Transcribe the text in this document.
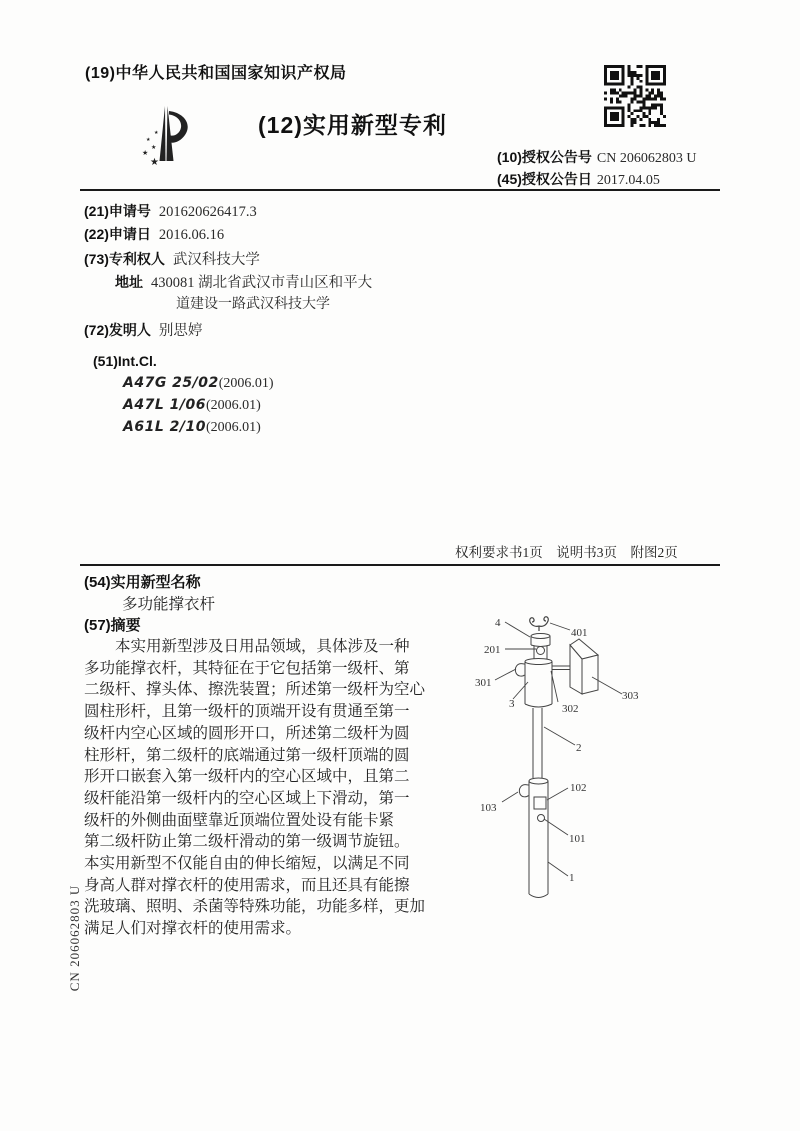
(19)中华人民共和国国家知识产权局
★
★
★
★
★	(12)实用新型专利
(10)授权公告号 CN 206062803 U
(45)授权公告日 2017.04.05
(21)申请号 201620626417.3
(22)申请日 2016.06.16
(73)专利权人 武汉科技大学
地址 430081 湖北省武汉市青山区和平大
道建设一路武汉科技大学
(72)发明人 别思婷
(51)Int.Cl.
A47G 25/02(2006.01)
A47L 1/06(2006.01)
A61L 2/10(2006.01)
权利要求书1页　说明书3页　附图2页
(54)实用新型名称
多功能撑衣杆
(57)摘要
本实用新型涉及日用品领域，具体涉及一种
多功能撑衣杆，其特征在于它包括第一级杆、第
二级杆、撑头体、擦洗装置；所述第一级杆为空心
圆柱形杆，且第一级杆的顶端开设有贯通至第一
级杆内空心区域的圆形开口，所述第二级杆为圆
柱形杆，第二级杆的底端通过第一级杆顶端的圆
形开口嵌套入第一级杆内的空心区域中，且第二
级杆能沿第一级杆内的空心区域上下滑动，第一
级杆的外侧曲面壁靠近顶端位置处设有能卡紧
第二级杆防止第二级杆滑动的第一级调节旋钮。
本实用新型不仅能自由的伸长缩短，以满足不同
身高人群对撑衣杆的使用需求，而且还具有能擦
洗玻璃、照明、杀菌等特殊功能，功能多样，更加
满足人们对撑衣杆的使用需求。
4
401
201
301
3	302
303
2
102
103
101
1
CN 206062803 U
